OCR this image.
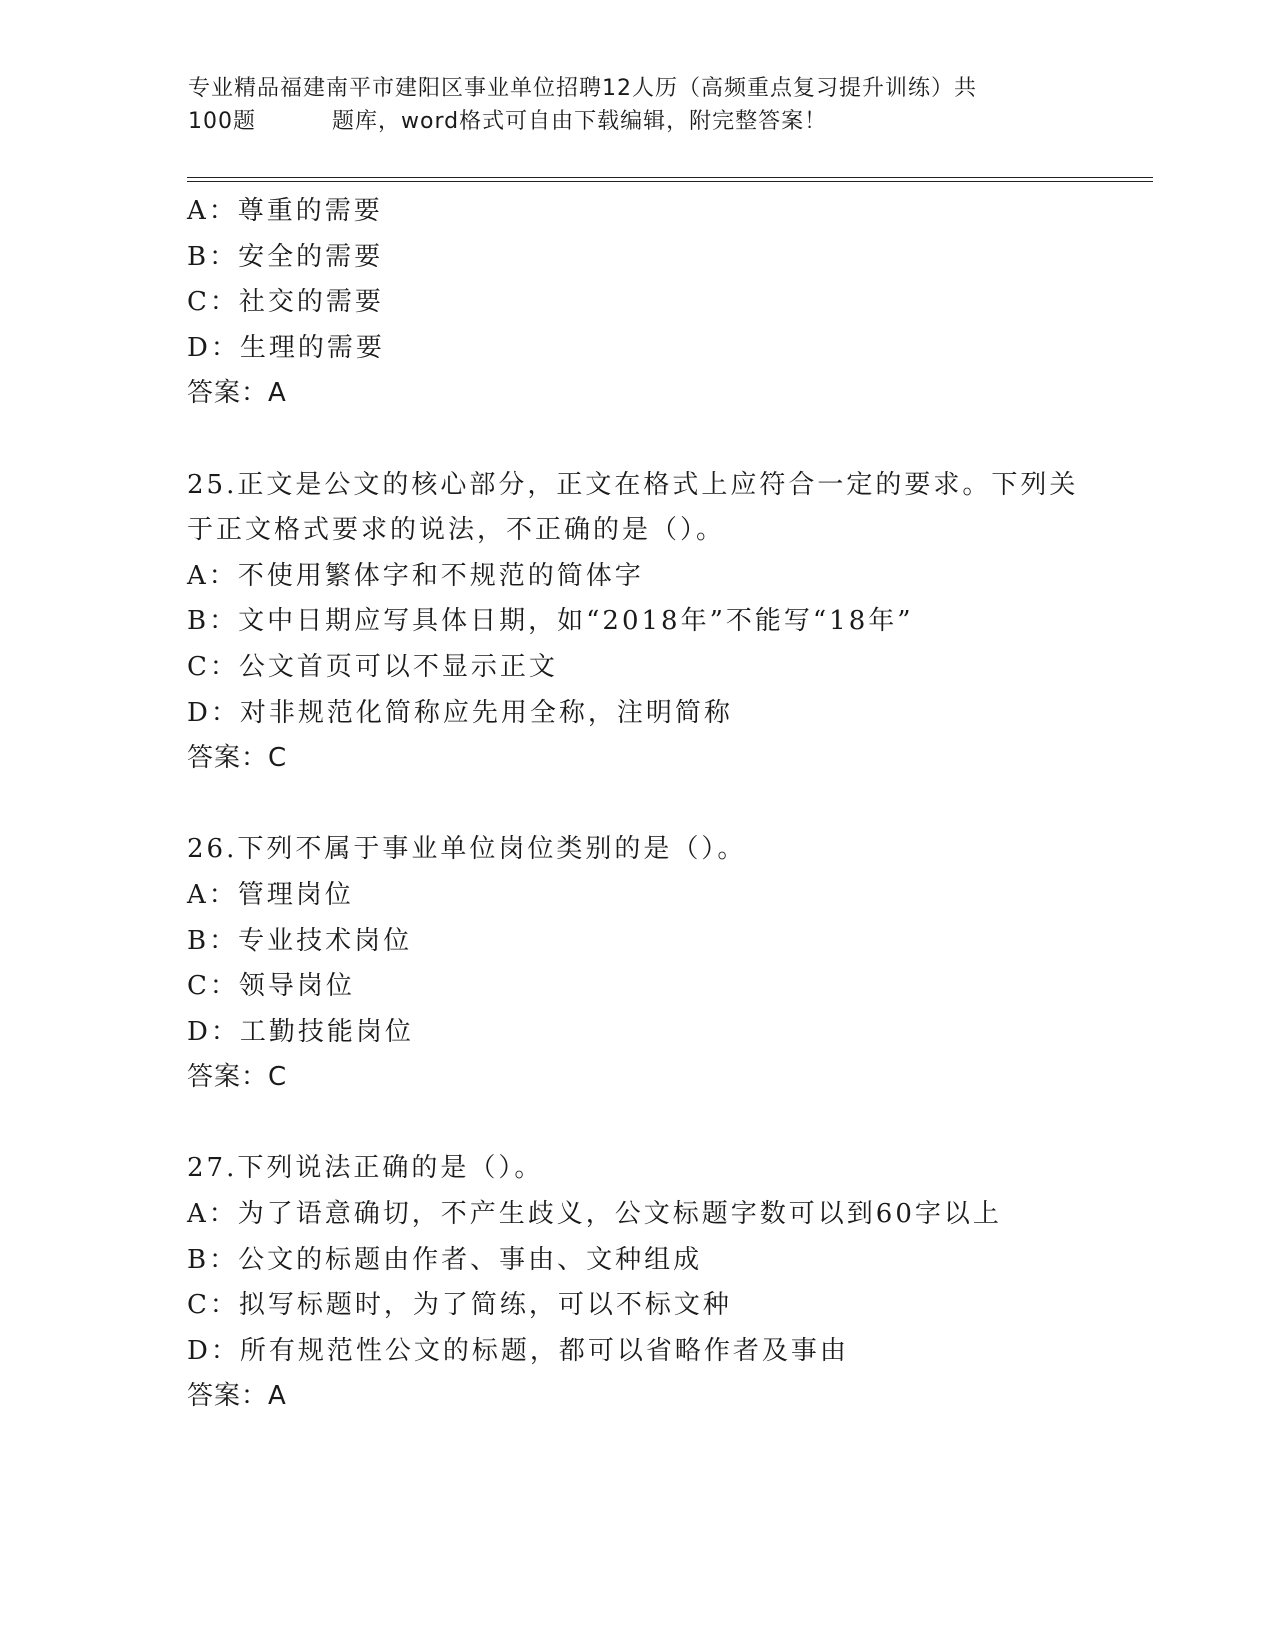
专业精品福建南平市建阳区事业单位招聘12人历（高频重点复习提升训练）共
100题	题库，word格式可自由下载编辑，附完整答案！
A：尊重的需要
B：安全的需要
C：社交的需要
D：生理的需要
答案：A
25.正文是公文的核心部分，正文在格式上应符合一定的要求。下列关
于正文格式要求的说法，不正确的是（）。
A：不使用繁体字和不规范的简体字
B：文中日期应写具体日期，如“2018年”不能写“18年”
C：公文首页可以不显示正文
D：对非规范化简称应先用全称，注明简称
答案：C
26.下列不属于事业单位岗位类别的是（）。
A：管理岗位
B：专业技术岗位
C：领导岗位
D：工勤技能岗位
答案：C
27.下列说法正确的是（）。
A：为了语意确切，不产生歧义，公文标题字数可以到60字以上
B：公文的标题由作者、事由、文种组成
C：拟写标题时，为了简练，可以不标文种
D：所有规范性公文的标题，都可以省略作者及事由
答案：A
